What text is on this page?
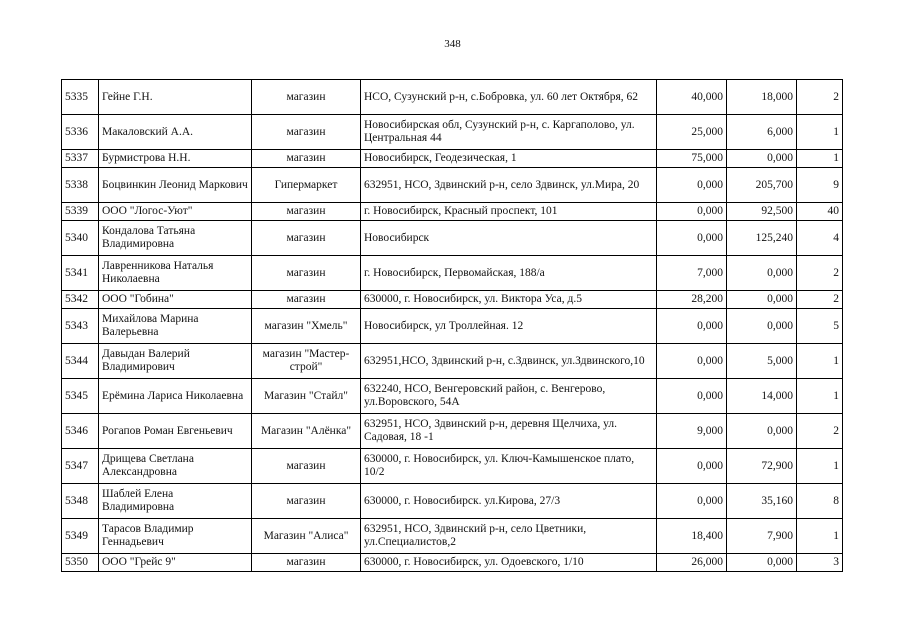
348
5335	Гейне Г.Н.	магазин	НСО, Сузунский р-н, с.Бобровка, ул. 60 лет Октября, 62	40,000	18,000	2
5336	Макаловский А.А.	магазин	Новосибирская обл, Сузунский р-н, с. Каргаполово, ул. Центральная 44	25,000	6,000	1
5337	Бурмистрова Н.Н.	магазин	Новосибирск, Геодезическая, 1	75,000	0,000	1
5338	Боцвинкин Леонид Маркович	Гипермаркет	632951, НСО, Здвинский р-н, село Здвинск, ул.Мира, 20	0,000	205,700	9
5339	ООО "Логос-Уют"	магазин	г. Новосибирск, Красный проспект, 101	0,000	92,500	40
5340	Кондалова Татьяна Владимировна	магазин	Новосибирск	0,000	125,240	4
5341	Лавренникова Наталья Николаевна	магазин	г. Новосибирск, Первомайская, 188/а	7,000	0,000	2
5342	ООО "Гобина"	магазин	630000, г. Новосибирск, ул. Виктора Уса, д.5	28,200	0,000	2
5343	Михайлова Марина Валерьевна	магазин "Хмель"	Новосибирск, ул Троллейная. 12	0,000	0,000	5
5344	Давыдан Валерий Владимирович	магазин "Мастер-строй"	632951,НСО, Здвинский р-н, с.Здвинск, ул.Здвинского,10	0,000	5,000	1
5345	Ерёмина Лариса Николаевна	Магазин "Стайл"	632240, НСО, Венгеровский район, с. Венгерово, ул.Воровского, 54А	0,000	14,000	1
5346	Рогапов Роман Евгеньевич	Магазин "Алёнка"	632951, НСО, Здвинский р-н, деревня Щелчиха, ул. Садовая, 18 -1	9,000	0,000	2
5347	Дрищева Светлана Александровна	магазин	630000, г. Новосибирск, ул. Ключ-Камышенское плато, 10/2	0,000	72,900	1
5348	Шаблей Елена Владимировна	магазин	630000, г. Новосибирск. ул.Кирова, 27/3	0,000	35,160	8
5349	Тарасов Владимир Геннадьевич	Магазин "Алиса"	632951, НСО, Здвинский р-н, село Цветники, ул.Специалистов,2	18,400	7,900	1
5350	ООО "Грейс 9"	магазин	630000, г. Новосибирск, ул. Одоевского, 1/10	26,000	0,000	3
